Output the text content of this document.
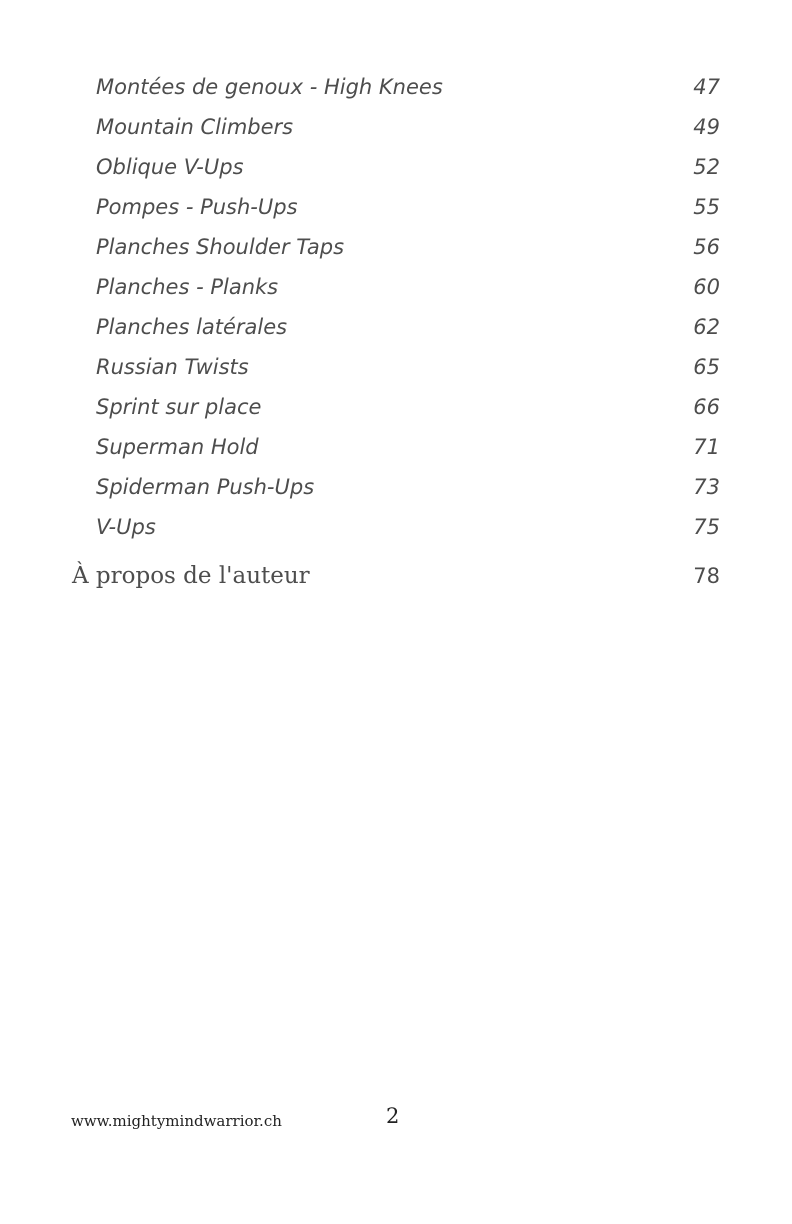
Montées de genoux - High Knees	47
Mountain Climbers	49
Oblique V-Ups	52
Pompes - Push-Ups	55
Planches Shoulder Taps	56
Planches - Planks	60
Planches latérales	62
Russian Twists	65
Sprint sur place	66
Superman Hold	71
Spiderman Push-Ups	73
V-Ups	75
À propos de l'auteur	78
www.mightymindwarrior.ch	2
